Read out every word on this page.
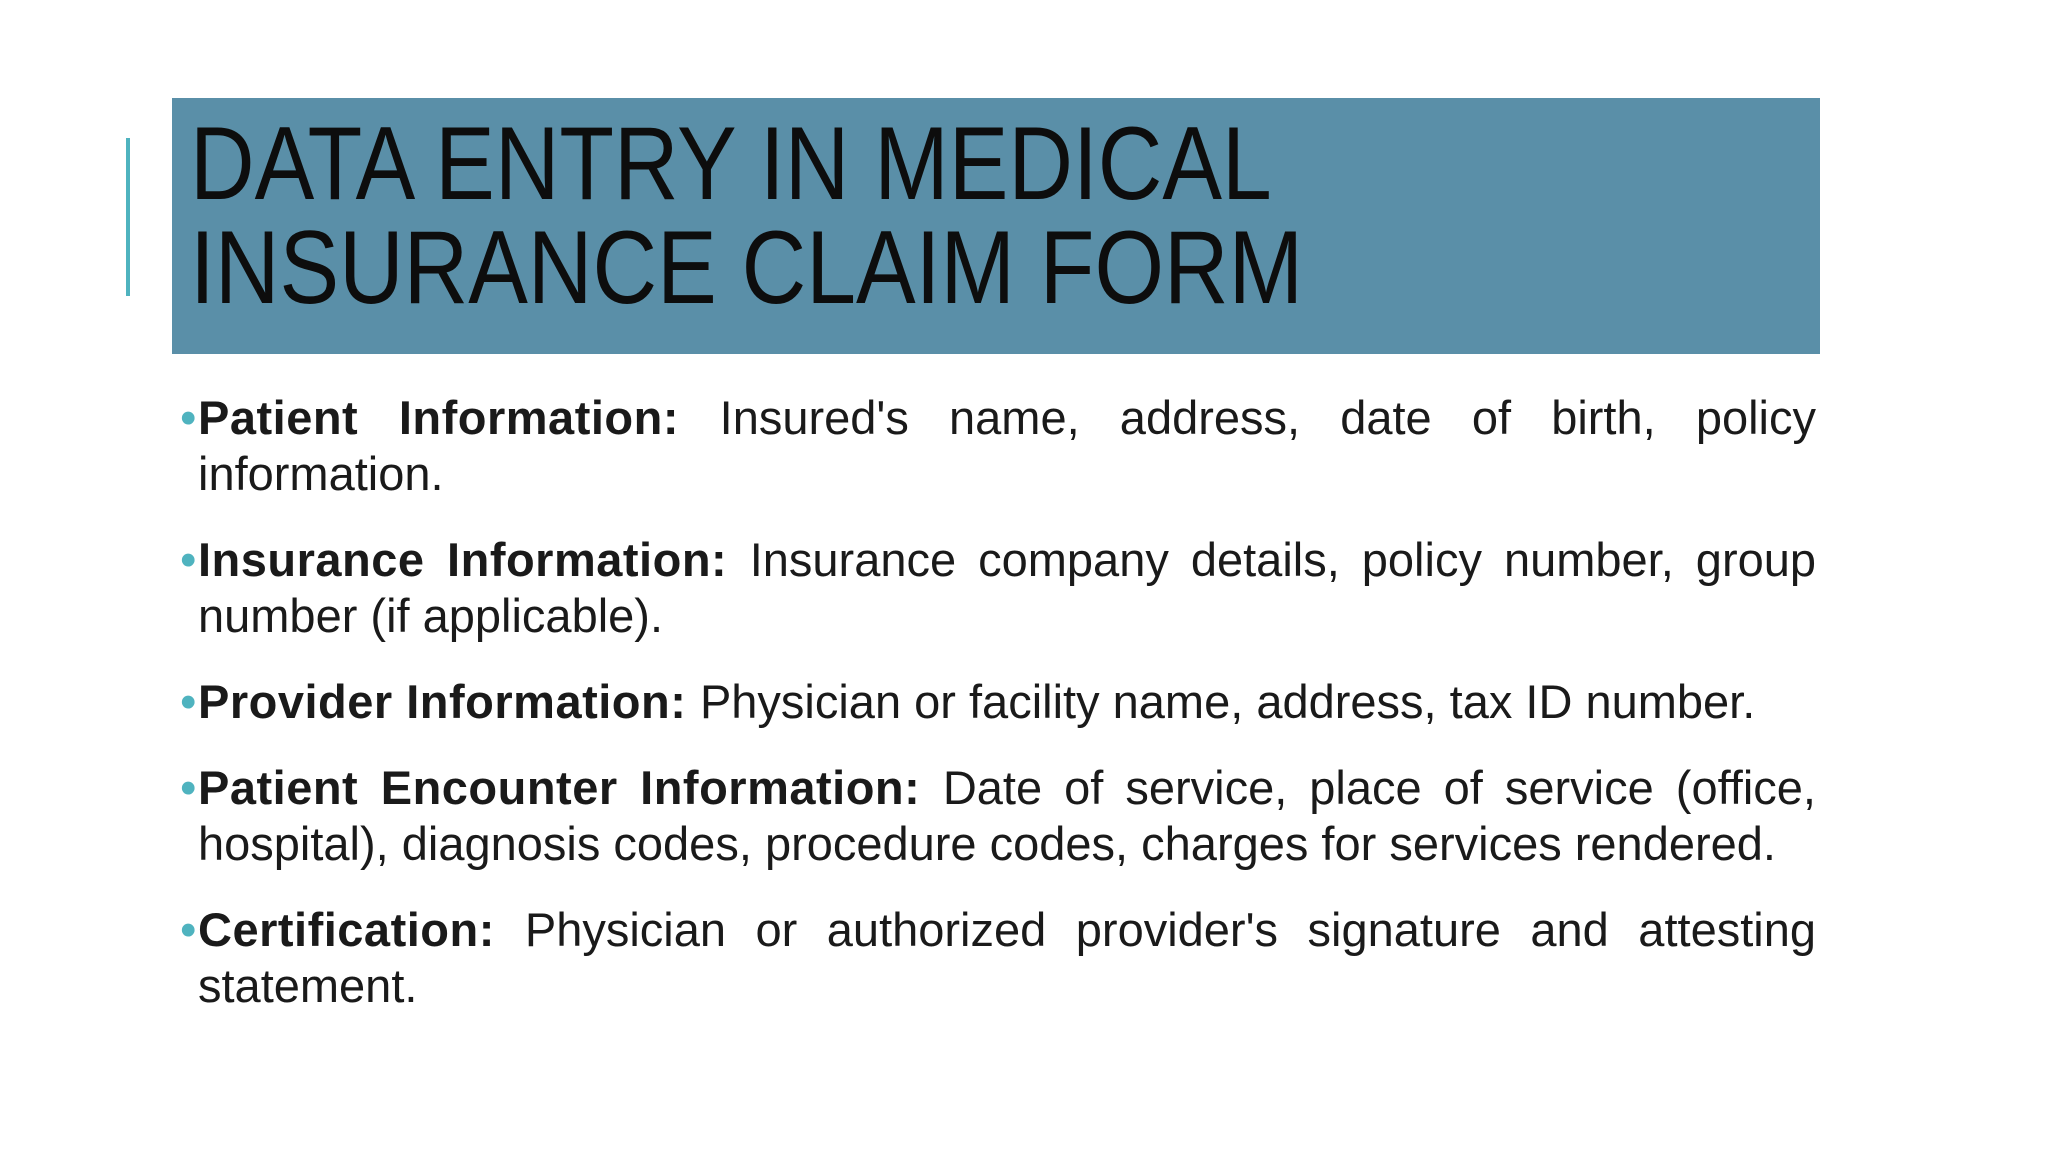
DATA ENTRY IN MEDICAL
INSURANCE CLAIM FORM
• Patient Information: Insured's name, address, date of birth, policy information.
• Insurance Information: Insurance company details, policy number, group number (if applicable).
• Provider Information: Physician or facility name, address, tax ID number.
• Patient Encounter Information: Date of service, place of service (office, hospital), diagnosis codes, procedure codes, charges for services rendered.
• Certification: Physician or authorized provider's signature and attesting statement.
